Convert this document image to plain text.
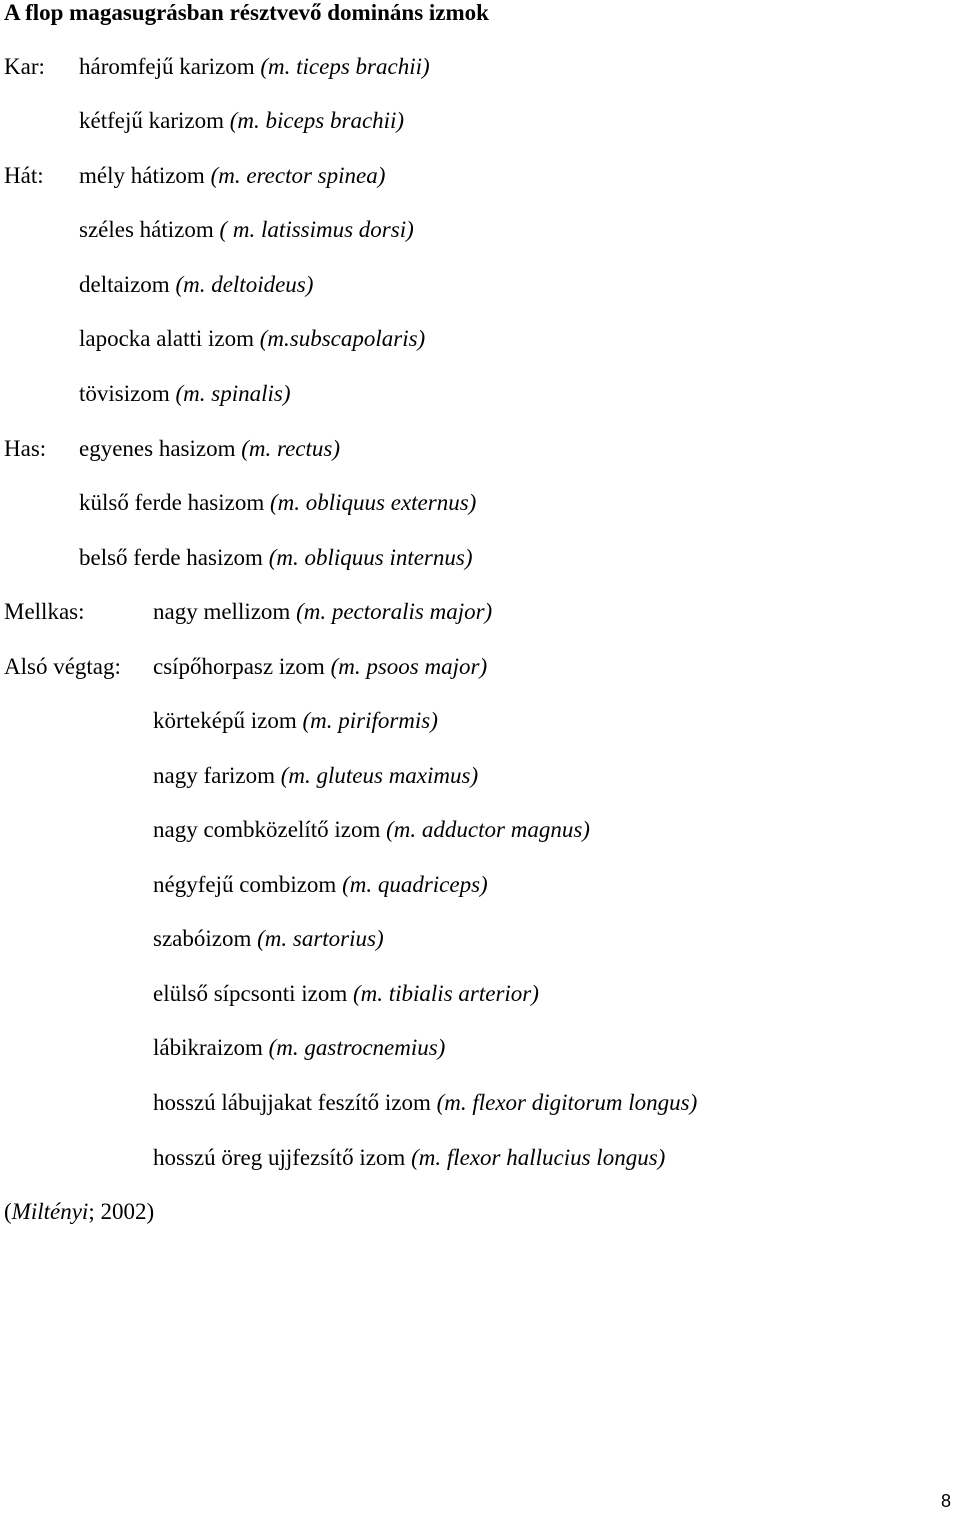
A flop magasugrásban résztvevő domináns izmok
Kar: háromfejű karizom (m. ticeps brachii)
kétfejű karizom (m. biceps brachii)
Hát: mély hátizom (m. erector spinea)
széles hátizom ( m. latissimus dorsi)
deltaizom (m. deltoideus)
lapocka alatti izom (m.subscapolaris)
tövisizom (m. spinalis)
Has: egyenes hasizom (m. rectus)
külső ferde hasizom (m. obliquus externus)
belső ferde hasizom (m. obliquus internus)
Mellkas:	nagy mellizom (m. pectoralis major)
Alsó végtag: csípőhorpasz izom (m. psoos major)
körteképű izom (m. piriformis)
nagy farizom (m. gluteus maximus)
nagy combközelítő izom (m. adductor magnus)
négyfejű combizom (m. quadriceps)
szabóizom (m. sartorius)
elülső sípcsonti izom (m. tibialis arterior)
lábikraizom (m. gastrocnemius)
hosszú lábujjakat feszítő izom (m. flexor digitorum longus)
hosszú öreg ujjfezsítő izom (m. flexor hallucius longus)
(Miltényi; 2002)
8
